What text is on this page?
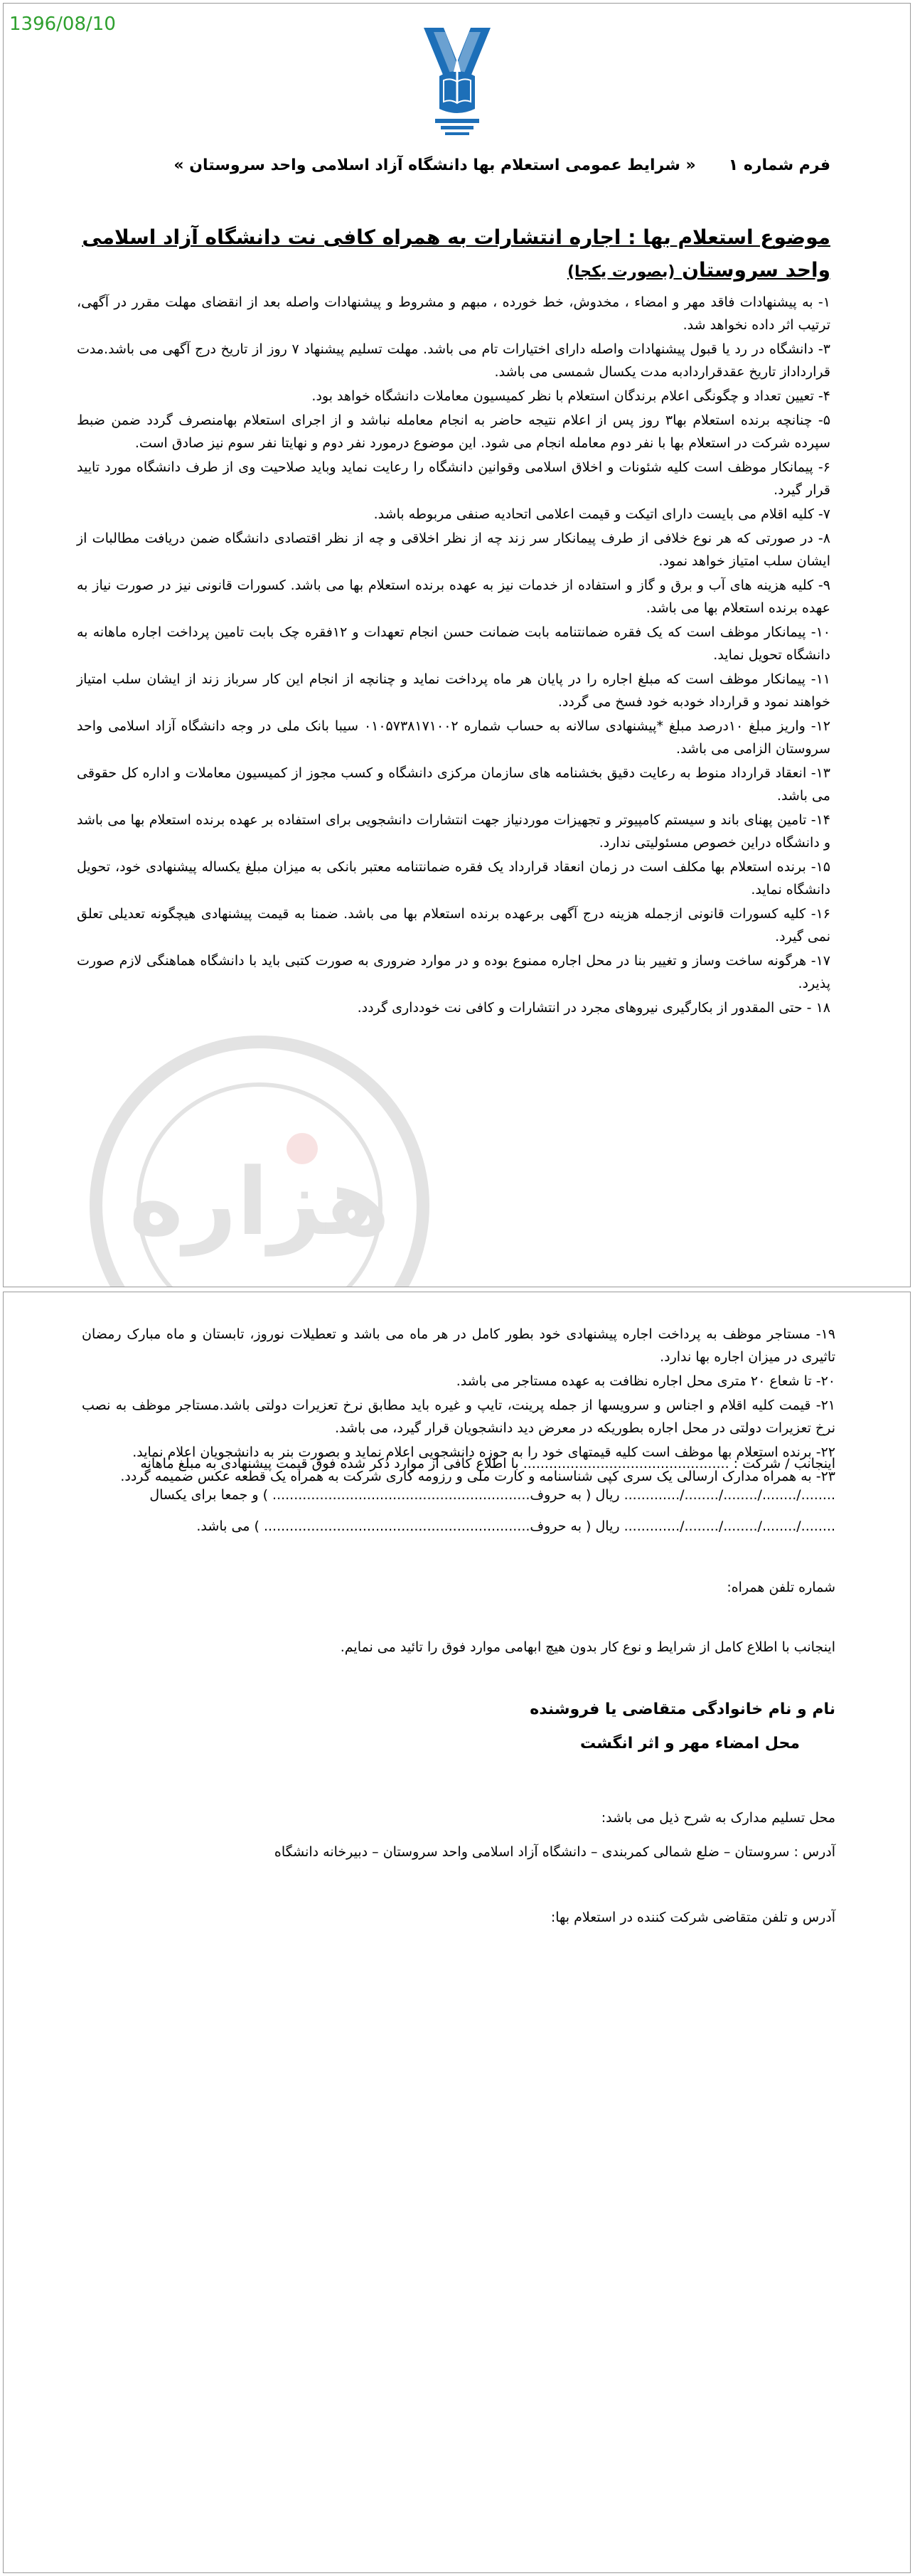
1396/08/10
فرم شماره ۱      « شرایط عمومی استعلام بها دانشگاه آزاد اسلامی واحد سروستان »
موضوع استعلام بها : اجاره انتشارات به همراه کافی نت دانشگاه آزاد اسلامی
واحد سروستان (بصورت یکجا)

۱- به پیشنهادات فاقد مهر و امضاء ، مخدوش، خط خورده ، مبهم و مشروط و پیشنهادات واصله بعد از انقضای مهلت مقرر در آگهی، ترتیب اثر داده نخواهد شد.

۳- دانشگاه در رد یا قبول پیشنهادات واصله دارای اختیارات تام می باشد. مهلت تسلیم پیشنهاد ۷ روز از تاریخ درج آگهی می باشد.مدت قرارداداز تاریخ عقدقراردادبه مدت یکسال شمسی می باشد.

۴- تعیین تعداد و چگونگی اعلام برندگان استعلام با نظر کمیسیون معاملات دانشگاه خواهد بود.

۵- چنانچه برنده استعلام بها۳ روز پس از اعلام نتیجه حاضر به انجام معامله نباشد و از اجرای استعلام بهامنصرف گردد ضمن ضبط سپرده شرکت در استعلام بها با نفر دوم معامله انجام می شود. این موضوع درمورد نفر دوم و نهایتا نفر سوم نیز صادق است.

۶- پیمانکار موظف است کلیه شئونات و اخلاق اسلامی وقوانین دانشگاه را رعایت نماید وباید صلاحیت وی از طرف دانشگاه مورد تایید قرار گیرد.

۷- کلیه اقلام می بایست دارای اتیکت و قیمت اعلامی اتحادیه صنفی مربوطه باشد.

۸- در صورتی که هر نوع خلافی از طرف پیمانکار سر زند چه از نظر اخلاقی و چه از نظر اقتصادی دانشگاه ضمن دریافت مطالبات از ایشان سلب امتیاز خواهد نمود.

۹- کلیه هزینه های آب و برق و گاز و استفاده از خدمات نیز به عهده برنده استعلام بها می باشد. کسورات قانونی نیز در صورت نیاز به عهده برنده استعلام بها می باشد.

۱۰- پیمانکار موظف است که یک فقره ضمانتنامه بابت ضمانت حسن انجام تعهدات و ۱۲فقره چک بابت تامین پرداخت اجاره ماهانه به دانشگاه تحویل نماید.

۱۱- پیمانکار موظف است که مبلغ اجاره را در پایان هر ماه پرداخت نماید و چنانچه از انجام این کار سرباز زند از ایشان سلب امتیاز خواهند نمود و قرارداد خودبه خود فسخ می گردد.

۱۲- واریز مبلغ ۱۰درصد مبلغ *پیشنهادی سالانه به حساب شماره ۰۱۰۵۷۳۸۱۷۱۰۰۲ سیبا بانک ملی در وجه دانشگاه آزاد اسلامی واحد سروستان الزامی می باشد.

۱۳- انعقاد قرارداد منوط به رعایت دقیق بخشنامه های سازمان مرکزی دانشگاه و کسب مجوز از کمیسیون معاملات و اداره کل حقوقی می باشد.

۱۴- تامین پهنای باند و سیستم کامپیوتر و تجهیزات موردنیاز جهت انتشارات دانشجویی برای استفاده بر عهده برنده استعلام بها می باشد و دانشگاه دراین خصوص مسئولیتی ندارد.

۱۵- برنده استعلام بها مکلف است در زمان انعقاد قرارداد یک فقره ضمانتنامه معتبر بانکی به میزان مبلغ یکساله پیشنهادی خود، تحویل دانشگاه نماید.

۱۶- کلیه کسورات قانونی ازجمله هزینه درج آگهی برعهده برنده استعلام بها می باشد. ضمنا به قیمت پیشنهادی هیچگونه تعدیلی تعلق نمی گیرد.

۱۷- هرگونه ساخت وساز و تغییر بنا در محل اجاره ممنوع بوده و در موارد ضروری به صورت کتبی باید با دانشگاه هماهنگی لازم صورت پذیرد.

۱۸ - حتی المقدور از بکارگیری نیروهای مجرد در انتشارات و کافی نت خودداری گردد.

هزاره

۱۹- مستاجر موظف به پرداخت اجاره پیشنهادی خود بطور کامل در هر ماه می باشد و تعطیلات نوروز، تابستان و ماه مبارک رمضان تاثیری در میزان اجاره بها ندارد.

۲۰- تا شعاع ۲۰ متری محل اجاره نظافت به عهده مستاجر می باشد.

۲۱- قیمت کلیه اقلام و اجناس و سرویسها از جمله پرینت، تایپ و غیره باید مطابق نرخ تعزیرات دولتی باشد.مستاجر موظف به نصب نرخ تعزیرات دولتی در محل اجاره بطوریکه در معرض دید دانشجویان قرار گیرد، می باشد.

۲۲- برنده استعلام بها موظف است کلیه قیمتهای خود را به حوزه دانشجویی اعلام نماید و بصورت بنر به دانشجویان اعلام نماید.

۲۳- به همراه مدارک ارسالی یک سری کپی شناسنامه و کارت ملی و رزومه کاری شرکت به همراه یک قطعه عکس ضمیمه گردد.

اینجانب / شرکت : ................................................ با اطلاع کافی از موارد ذکر شده فوق قیمت پیشنهادی به مبلغ ماهانه

......../......../......../......../............. ریال ( به حروف............................................................ ) و جمعا برای یکسال

......../......../......../......../............. ریال ( به حروف.............................................................. ) می باشد.

شماره تلفن همراه:
اینجانب با اطلاع کامل از شرایط و نوع کار بدون هیچ ابهامی موارد فوق را تائید می نمایم.
نام و نام خانوادگی متقاضی یا فروشنده
محل امضاء مهر و اثر انگشت
محل تسلیم مدارک به شرح ذیل می باشد:
آدرس : سروستان – ضلع شمالی کمربندی – دانشگاه آزاد اسلامی واحد سروستان – دبیرخانه دانشگاه
آدرس و تلفن متقاضی شرکت کننده در استعلام بها:
